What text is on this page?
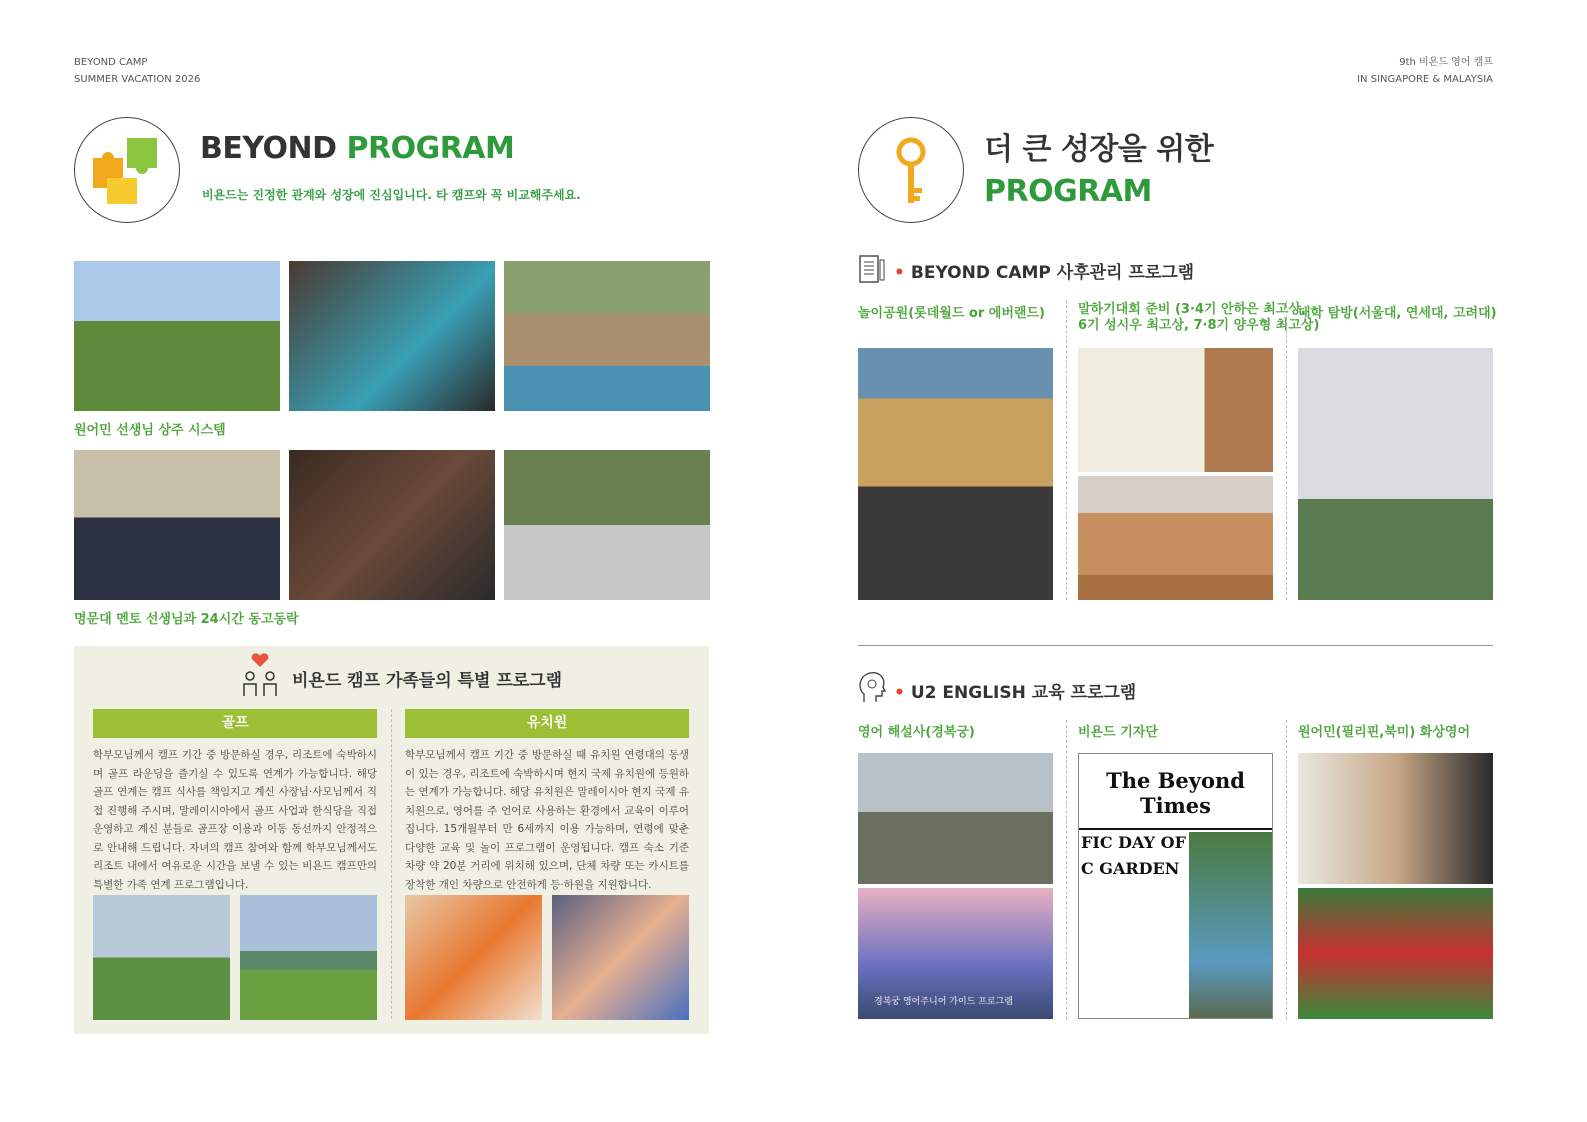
BEYOND CAMP
SUMMER VACATION 2026
9th 비욘드 영어 캠프
IN SINGAPORE & MALAYSIA
BEYOND PROGRAM
비욘드는 진정한 관계와 성장에 진심입니다. 타 캠프와 꼭 비교해주세요.
원어민 선생님 상주 시스템
명문대 멘토 선생님과 24시간 동고동락
비욘드 캠프 가족들의 특별 프로그램
골프	유치원
학부모님께서 캠프 기간 중 방문하실 경우, 리조트에 숙박하시며 골프 라운딩을 즐기실 수 있도록 연계가 가능합니다. 해당 골프 연계는 캠프 식사를 책임지고 계신 사장님·사모님께서 직접 진행해 주시며, 말레이시아에서 골프 사업과 한식당을 직접 운영하고 계신 분들로 골프장 이용과 이동 동선까지 안정적으로 안내해 드립니다. 자녀의 캠프 참여와 함께 학부모님께서도 리조트 내에서 여유로운 시간을 보낼 수 있는 비욘드 캠프만의 특별한 가족 연계 프로그램입니다.
학부모님께서 캠프 기간 중 방문하실 때 유치원 연령대의 동생이 있는 경우, 리조트에 숙박하시며 현지 국제 유치원에 등원하는 연계가 가능합니다. 해당 유치원은 말레이시아 현지 국제 유치원으로, 영어를 주 언어로 사용하는 환경에서 교육이 이루어집니다. 15개월부터 만 6세까지 이용 가능하며, 연령에 맞춘 다양한 교육 및 놀이 프로그램이 운영됩니다. 캠프 숙소 기준 차량 약 20분 거리에 위치해 있으며, 단체 차량 또는 카시트를 장착한 개인 차량으로 안전하게 등·하원을 지원합니다.
더 큰 성장을 위한
PROGRAM
• BEYOND CAMP 사후관리 프로그램
놀이공원(롯데월드 or 에버랜드)	말하기대회 준비 (3·4기 안하은 최고상,
6기 성시우 최고상, 7·8기 양우형 최고상)
대학 탐방(서울대, 연세대, 고려대)
• U2 ENGLISH 교육 프로그램
영어 해설사(경복궁)	비욘드 기자단	원어민(필리핀,북미) 화상영어
경복궁 영어주니어 가이드 프로그램
The Beyond Times
FIC DAY OF
C GARDEN
